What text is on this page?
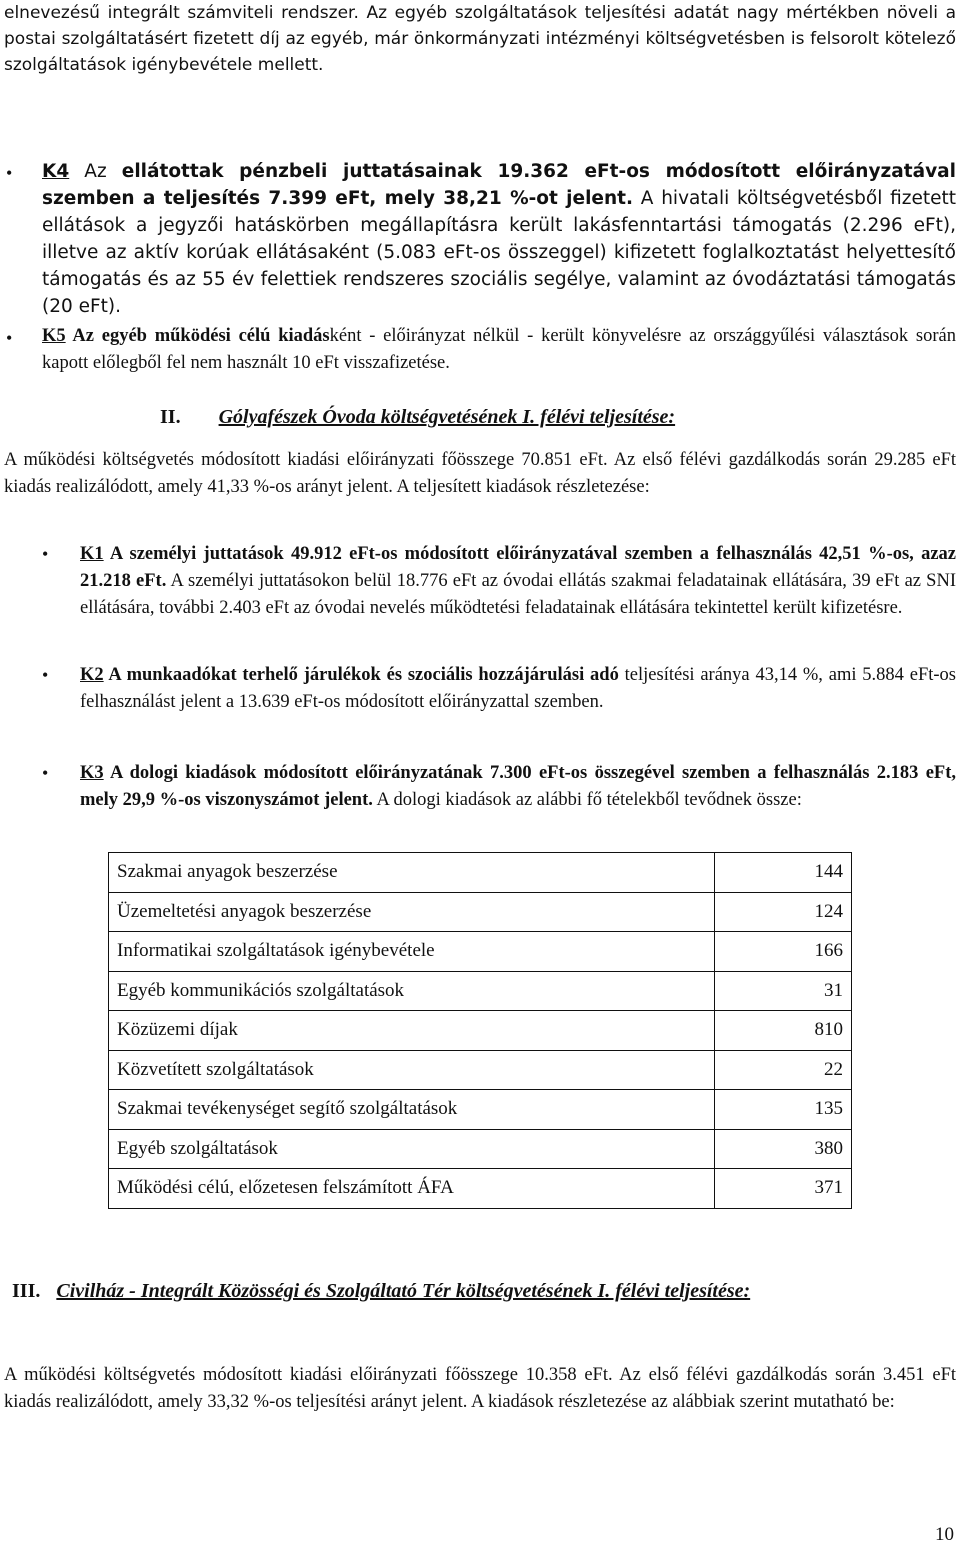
elnevezésű integrált számviteli rendszer. Az egyéb szolgáltatások teljesítési adatát nagy mértékben növeli a postai szolgáltatásért fizetett díj az egyéb, már önkormányzati intézményi költségvetésben is felsorolt kötelező szolgáltatások igénybevétele mellett.

• K4 Az ellátottak pénzbeli juttatásainak 19.362 eFt-os módosított előirányzatával szemben a teljesítés 7.399 eFt, mely 38,21 %-ot jelent. A hivatali költségvetésből fizetett ellátások a jegyzői hatáskörben megállapításra került lakásfenntartási támogatás (2.296 eFt), illetve az aktív korúak ellátásaként (5.083 eFt-os összeggel) kifizetett foglalkoztatást helyettesítő támogatás és az 55 év felettiek rendszeres szociális segélye, valamint az óvodáztatási támogatás (20 eFt).

• K5 Az egyéb működési célú kiadásként - előirányzat nélkül - került könyvelésre az országgyűlési választások során kapott előlegből fel nem használt 10 eFt visszafizetése.

II. Gólyafészek Óvoda költségvetésének I. félévi teljesítése:

A működési költségvetés módosított kiadási előirányzati főösszege 70.851 eFt. Az első félévi gazdálkodás során 29.285 eFt kiadás realizálódott, amely 41,33 %-os arányt jelent. A teljesített kiadások részletezése:

• K1 A személyi juttatások 49.912 eFt-os módosított előirányzatával szemben a felhasználás 42,51 %-os, azaz 21.218 eFt. A személyi juttatásokon belül 18.776 eFt az óvodai ellátás szakmai feladatainak ellátására, 39 eFt az SNI ellátására, további 2.403 eFt az óvodai nevelés működtetési feladatainak ellátására tekintettel került kifizetésre.

• K2 A munkaadókat terhelő járulékok és szociális hozzájárulási adó teljesítési aránya 43,14 %, ami 5.884 eFt-os felhasználást jelent a 13.639 eFt-os módosított előirányzattal szemben.

• K3 A dologi kiadások módosított előirányzatának 7.300 eFt-os összegével szemben a felhasználás 2.183 eFt, mely 29,9 %-os viszonyszámot jelent. A dologi kiadások az alábbi fő tételekből tevődnek össze:

Szakmai anyagok beszerzése	144
Üzemeltetési anyagok beszerzése	124
Informatikai szolgáltatások igénybevétele	166
Egyéb kommunikációs szolgáltatások	31
Közüzemi díjak	810
Közvetített szolgáltatások	22
Szakmai tevékenységet segítő szolgáltatások	135
Egyéb szolgáltatások	380
Működési célú, előzetesen felszámított ÁFA	371
III. Civilház - Integrált Közösségi és Szolgáltató Tér költségvetésének I. félévi teljesítése:

A működési költségvetés módosított kiadási előirányzati főösszege 10.358 eFt. Az első félévi gazdálkodás során 3.451 eFt kiadás realizálódott, amely 33,32 %-os teljesítési arányt jelent. A kiadások részletezése az alábbiak szerint mutatható be:

10
